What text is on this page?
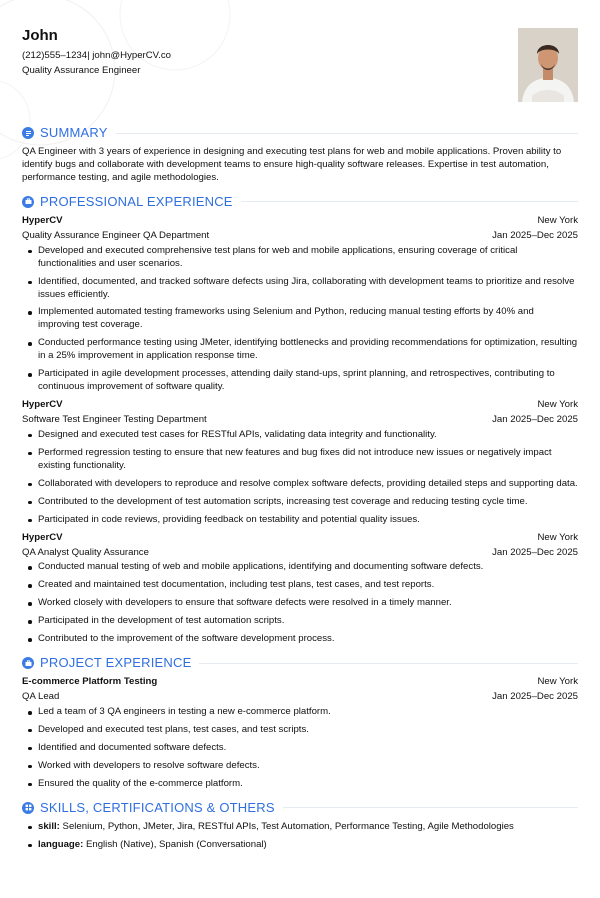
John
(212)555–1234| john@HyperCV.co
Quality Assurance Engineer
SUMMARY

QA Engineer with 3 years of experience in designing and executing test plans for web and mobile applications. Proven ability to identify bugs and collaborate with development teams to ensure high-quality software releases. Expertise in test automation, performance testing, and agile methodologies.

PROFESSIONAL EXPERIENCE
HyperCV	New York
Quality Assurance Engineer QA Department	Jan 2025–Dec 2025
Developed and executed comprehensive test plans for web and mobile applications, ensuring coverage of critical functionalities and user scenarios.
Identified, documented, and tracked software defects using Jira, collaborating with development teams to prioritize and resolve issues efficiently.
Implemented automated testing frameworks using Selenium and Python, reducing manual testing efforts by 40% and improving test coverage.
Conducted performance testing using JMeter, identifying bottlenecks and providing recommendations for optimization, resulting in a 25% improvement in application response time.
Participated in agile development processes, attending daily stand-ups, sprint planning, and retrospectives, contributing to continuous improvement of software quality.
HyperCV	New York
Software Test Engineer Testing Department	Jan 2025–Dec 2025
Designed and executed test cases for RESTful APIs, validating data integrity and functionality.
Performed regression testing to ensure that new features and bug fixes did not introduce new issues or negatively impact existing functionality.
Collaborated with developers to reproduce and resolve complex software defects, providing detailed steps and supporting data.
Contributed to the development of test automation scripts, increasing test coverage and reducing testing cycle time.
Participated in code reviews, providing feedback on testability and potential quality issues.
HyperCV	New York
QA Analyst Quality Assurance	Jan 2025–Dec 2025
Conducted manual testing of web and mobile applications, identifying and documenting software defects.
Created and maintained test documentation, including test plans, test cases, and test reports.
Worked closely with developers to ensure that software defects were resolved in a timely manner.
Participated in the development of test automation scripts.
Contributed to the improvement of the software development process.
PROJECT EXPERIENCE
E-commerce Platform Testing	New York
QA Lead	Jan 2025–Dec 2025
Led a team of 3 QA engineers in testing a new e-commerce platform.
Developed and executed test plans, test cases, and test scripts.
Identified and documented software defects.
Worked with developers to resolve software defects.
Ensured the quality of the e-commerce platform.
SKILLS, CERTIFICATIONS & OTHERS
skill: Selenium, Python, JMeter, Jira, RESTful APIs, Test Automation, Performance Testing, Agile Methodologies
language: English (Native), Spanish (Conversational)
